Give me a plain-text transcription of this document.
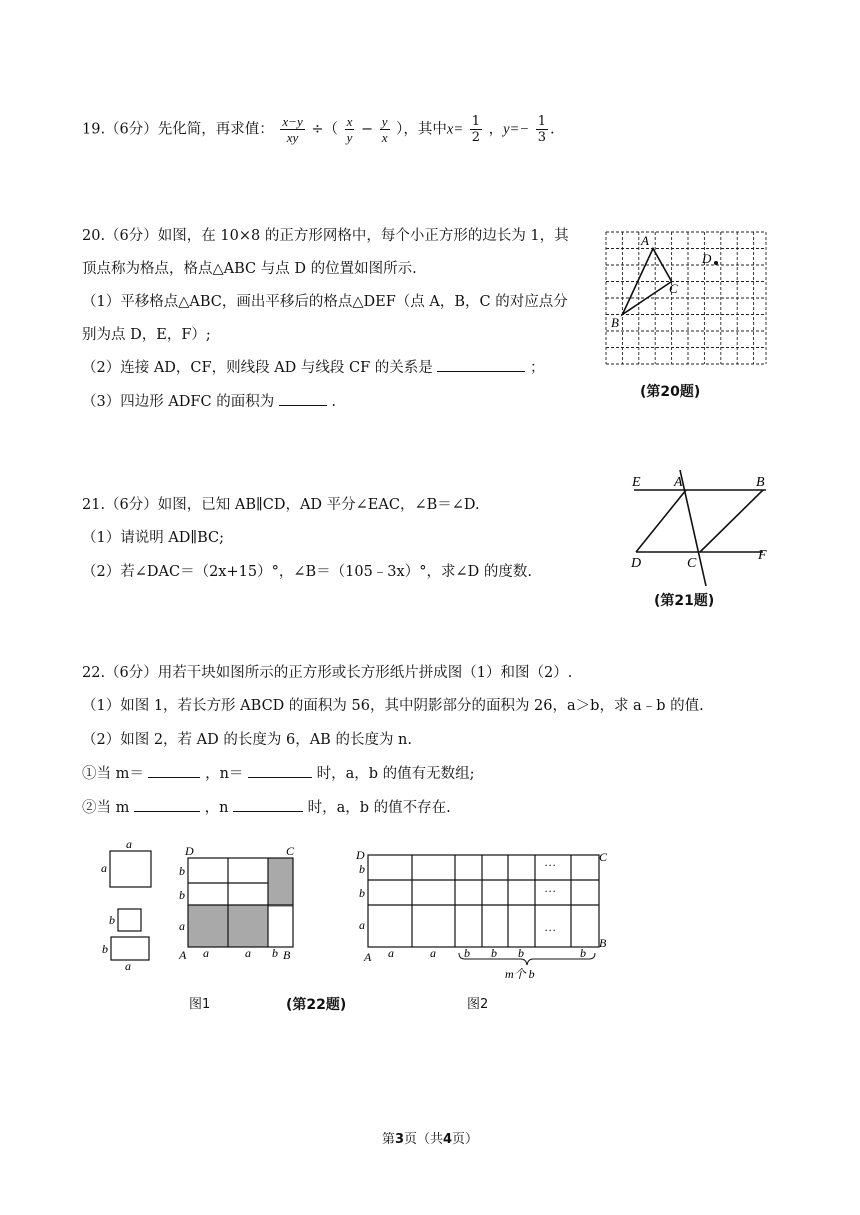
19.（6分）先化简，再求值： $\frac{x-y}{xy}$ ÷（ $\frac{x}{y} - \frac{y}{x}$ ），其中$x= \frac{1}{2}$ ，$y=- \frac{1}{3}$ .
20.（6分）如图，在 10×8 的正方形网格中，每个小正方形的边长为 1，其
顶点称为格点，格点△ABC 与点 D 的位置如图所示.
（1）平移格点△ABC，画出平移后的格点△DEF（点 A，B，C 的对应点分
别为点 D，E，F）;
（2）连接 AD，CF，则线段 AD 与线段 CF 的关系是	；
（3）四边形 ADFC 的面积为	.
A
B
C
D
(第20题)
21.（6分）如图，已知 AB∥CD，AD 平分∠EAC，∠B＝∠D.
（1）请说明 AD∥BC;
（2）若∠DAC＝（2x+15）°，∠B＝（105﹣3x）°，求∠D 的度数.
E A	B
D	C
F
(第21题)
22.（6分）用若干块如图所示的正方形或长方形纸片拼成图（1）和图（2）.
（1）如图 1，若长方形 ABCD 的面积为 56，其中阴影部分的面积为 26，a＞b，求 a﹣b 的值.
（2）如图 2，若 AD 的长度为 6，AB 的长度为 n.
①当 m＝	，n＝	时，a，b 的值有无数组;
②当 m	，n	时，a，b 的值不存在.
a
a
b
b
a
D	C
b
b
a
A a	a b B
…
…
…
D	C
b
b
a
A a	a b b b	b
B
m个 b
图1	(第22题)	图2
第3页（共4页）
